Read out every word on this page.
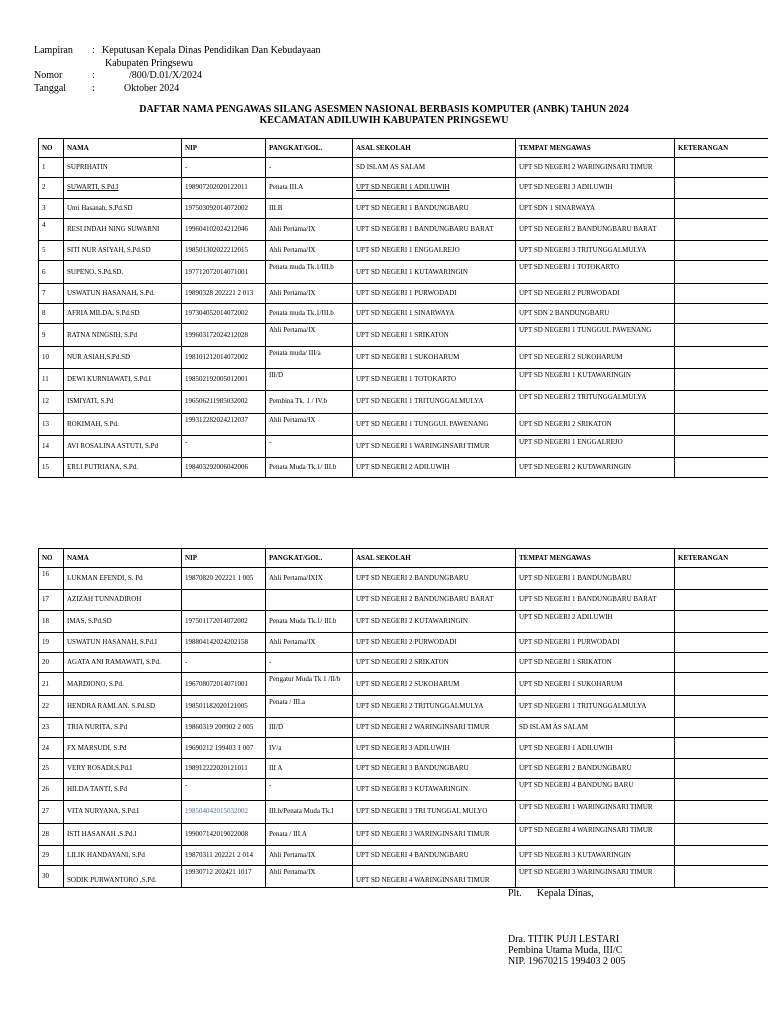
Lampiran	: Keputusan Kepala Dinas Pendidikan Dan Kebudayaan
Kabupaten Pringsewu
Nomor	:	/800/D.01/X/2024
Tanggal	:	Oktober 2024
DAFTAR NAMA PENGAWAS SILANG ASESMEN NASIONAL BERBASIS KOMPUTER (ANBK) TAHUN 2024
KECAMATAN ADILUWIH KABUPATEN PRINGSEWU
NO	NAMA	NIP	PANGKAT/GOL.	ASAL SEKOLAH	TEMPAT MENGAWAS	KETERANGAN
1	SUPRIHATIN	-	-	SD ISLAM AS SALAM	UPT SD NEGERI 2 WARINGINSARI TIMUR	
2	SUWARTI, S.Pd.I	198907202020122011	Penata III.A	UPT SD NEGERI 1 ADILUWIH	UPT SD NEGERI 3 ADILUWIH	
3	Umi Hasanah, S.Pd.SD	197503092014072002	III.B	UPT SD NEGERI 1 BANDUNGBARU	UPT SDN 1 SINARWAYA	
4	RESI INDAH NING SUWARNI	199604102024212046	Ahli Pertama/IX	UPT SD NEGERI 1 BANDUNGBARU BARAT	UPT SD NEGERI 2 BANDUNGBARU BARAT	
5	SITI NUR ASIYAH, S.Pd.SD	198501302022212015	Ahli Pertama/IX	UPT SD NEGERI 1 ENGGALREJO	UPT SD NEGERI 3 TRITUNGGALMULYA	
6	SUPENO, S.Pd.SD.	197712072014071001	Penata muda Tk.1/III.b	UPT SD NEGERI 1 KUTAWARINGIN	UPT SD NEGERI 1 TOTOKARTO	
7	USWATUN HASANAH, S.Pd.	19890328 202221 2 013	Ahli Pertama/IX	UPT SD NEGERI 1 PURWODADI	UPT SD NEGERI 2 PURWODADI	
8	AFRIA MILDA, S.Pd.SD	197304052014072002	Penata muda Tk.1/III.b	UPT SD NEGERI 1 SINARWAYA	UPT SDN 2 BANDUNGBARU	
9	RATNA NINGSIH, S.Pd	199603172024212028	Ahli Pertama/IX	UPT SD NEGERI 1 SRIKATON	UPT SD NEGERI 1 TUNGGUL PAWENANG	
10	NUR ASIAH,S.Pd.SD	198101212014072002	Penata muda/ III/a	UPT SD NEGERI 1 SUKOHARUM	UPT SD NEGERI 2 SUKOHARUM	
11	DEWI KURNIAWATI, S.Pd.I	198502192005012001	III/D	UPT SD NEGERI 1 TOTOKARTO	UPT SD NEGERI 1 KUTAWARINGIN	
12	ISMIYATI, S.Pd	196506211985032002	Pembina Tk. 1 / IV.b	UPT SD NEGERI 1 TRITUNGGALMULYA	UPT SD NEGERI 2 TRITUNGGALMULYA	
13	ROKIMAH, S.Pd.	199312282024212037	Ahli Pertama/IX	UPT SD NEGERI 1 TUNGGUL PAWENANG	UPT SD NEGERI 2 SRIKATON	
14	AVI ROSALINA ASTUTI, S.Pd	-	-	UPT SD NEGERI 1 WARINGINSARI TIMUR	UPT SD NEGERI 1 ENGGALREJO	
15	ERLI PUTRIANA, S.Pd.	198403292006042006	Penata Muda Tk.1/ III.b	UPT SD NEGERI 2 ADILUWIH	UPT SD NEGERI 2 KUTAWARINGIN	
NO	NAMA	NIP	PANGKAT/GOL.	ASAL SEKOLAH	TEMPAT MENGAWAS	KETERANGAN
16	LUKMAN EFENDI, S. Pd	19870820 202221 1 005	Ahli Pertama/IXIX	UPT SD NEGERI 2 BANDUNGBARU	UPT SD NEGERI 1 BANDUNGBARU	
17	AZIZAH TUNNADIROH			UPT SD NEGERI 2 BANDUNGBARU BARAT	UPT SD NEGERI 1 BANDUNGBARU BARAT	
18	IMAS, S.Pd.SD	197501172014072002	Penata Muda Tk.1/ III.b	UPT SD NEGERI 2 KUTAWARINGIN	UPT SD NEGERI 2 ADILUWIH	
19	USWATUN HASANAH, S.Pd.I	198804142024202158	Ahli Pertama/IX	UPT SD NEGERI 2 PURWODADI	UPT SD NEGERI 1 PURWODADI	
20	AGATA ANI RAMAWATI, S.Pd.	-	-	UPT SD NEGERI 2 SRIKATON	UPT SD NEGERI 1 SRIKATON	
21	MARDIONO, S.Pd.	196708072014071001	Pengatur Muda Tk 1 /II/b	UPT SD NEGERI 2 SUKOHARUM	UPT SD NEGERI 1 SUKOHARUM	
22	HENDRA RAMLAN. S.Pd.SD	198501182020121005	Penata / III.a	UPT SD NEGERI 2 TRITUNGGALMULYA	UPT SD NEGERI 1 TRITUNGGALMULYA	
23	TRIA NURITA, S.Pd	19860319 200902 2 005	III/D	UPT SD NEGERI 2 WARINGINSARI TIMUR	SD ISLAM AS SALAM	
24	FX MARSUDI, S.Pd	19690212 199403 1 007	IV/a	UPT SD NEGERI 3 ADILUWIH	UPT SD NEGERI 1 ADILUWIH	
25	VERY ROSADI,S.Pd.I	198912222020121011	III A	UPT SD NEGERI 3 BANDUNGBARU	UPT SD NEGERI 2 BANDUNGBARU	
26	HILDA TANTI, S.Pd	-	-	UPT SD NEGERI 3 KUTAWARINGIN	UPT SD NEGERI 4 BANDUNG BARU	
27	VITA NURYANA, S.Pd.I	198504042015032002	III.b/Penata Muda Tk.I	UPT SD NEGERI 3 TRI TUNGGAL MULYO	UPT SD NEGERI 1 WARINGINSARI TIMUR	
28	ISTI HASANAH ,S.Pd.I	199007142019022008	Penata / III.A	UPT SD NEGERI 3 WARINGINSARI TIMUR	UPT SD NEGERI 4 WARINGINSARI TIMUR	
29	LILIK HANDAYANI, S.Pd	19870311 202221 2 014	Ahli Pertama/IX	UPT SD NEGERI 4 BANDUNGBARU	UPT SD NEGERI 3 KUTAWARINGIN	
30	SODIK PURWANTORO ,S.Pd.	19930712 202421 1017	Ahli Pertama/IX	UPT SD NEGERI 4 WARINGINSARI TIMUR	UPT SD NEGERI 3 WARINGINSARI TIMUR	
Plt. Kepala Dinas,
Dra. TITIK PUJI LESTARI
Pembina Utama Muda, III/C
NIP. 19670215 199403 2 005
